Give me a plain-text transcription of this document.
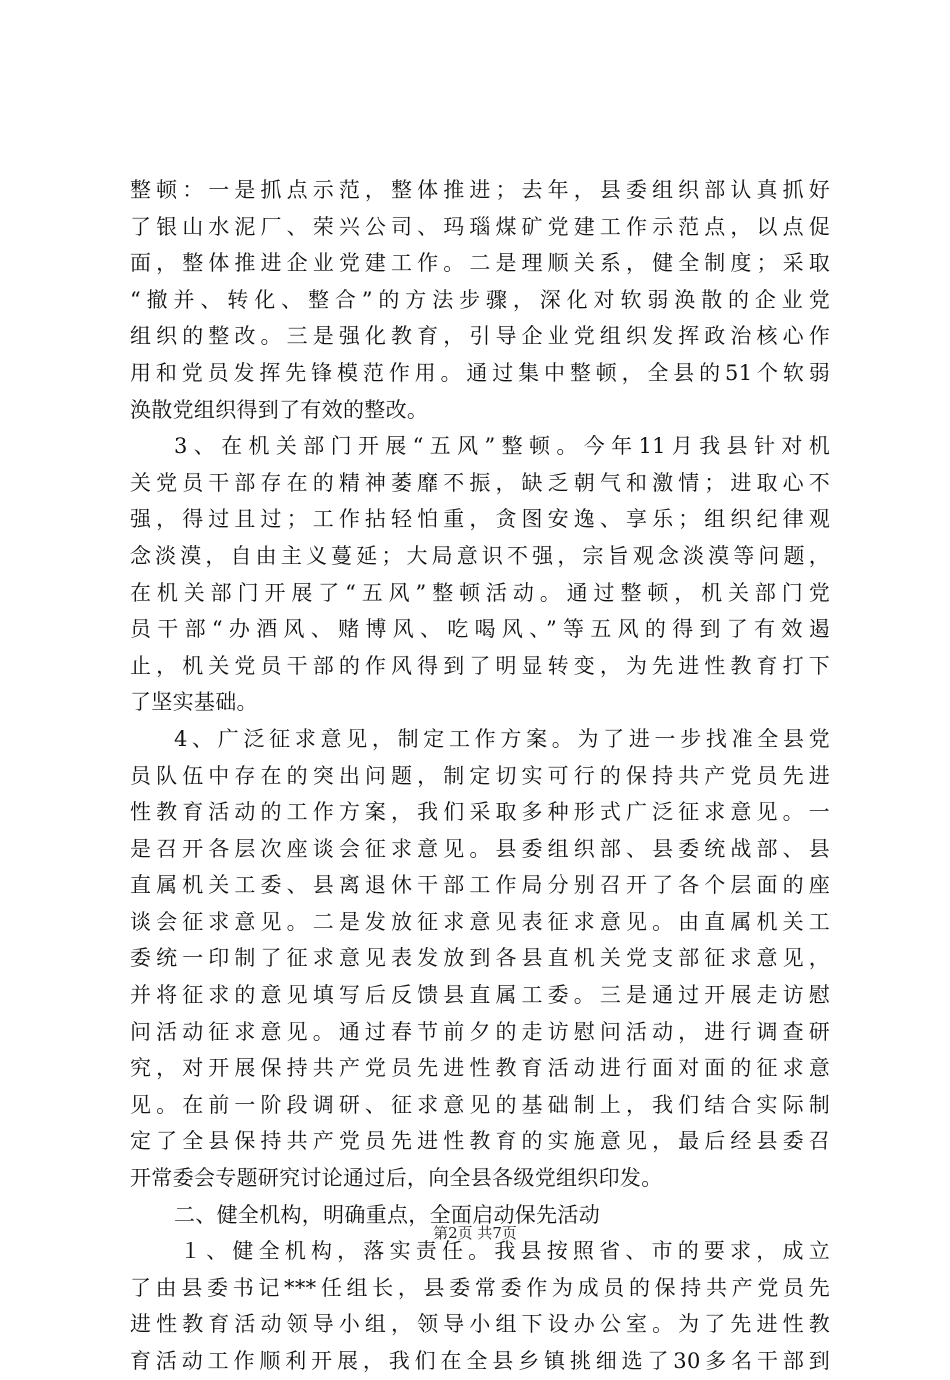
整顿：一是抓点示范，整体推进；去年，县委组织部认真抓好
了银山水泥厂、荣兴公司、玛瑙煤矿党建工作示范点，以点促
面，整体推进企业党建工作。二是理顺关系，健全制度；采取
“撤并、转化、整合”的方法步骤，深化对软弱涣散的企业党
组织的整改。三是强化教育，引导企业党组织发挥政治核心作
用和党员发挥先锋模范作用。通过集中整顿，全县的51个软弱
涣散党组织得到了有效的整改。
3、在机关部门开展“五风”整顿。今年11月我县针对机
关党员干部存在的精神萎靡不振，缺乏朝气和激情；进取心不
强，得过且过；工作拈轻怕重，贪图安逸、享乐；组织纪律观
念淡漠，自由主义蔓延；大局意识不强，宗旨观念淡漠等问题，
在机关部门开展了“五风”整顿活动。通过整顿，机关部门党
员干部“办酒风、赌博风、吃喝风、”等五风的得到了有效遏
止，机关党员干部的作风得到了明显转变，为先进性教育打下
了坚实基础。
4、广泛征求意见，制定工作方案。为了进一步找准全县党
员队伍中存在的突出问题，制定切实可行的保持共产党员先进
性教育活动的工作方案，我们采取多种形式广泛征求意见。一
是召开各层次座谈会征求意见。县委组织部、县委统战部、县
直属机关工委、县离退休干部工作局分别召开了各个层面的座
谈会征求意见。二是发放征求意见表征求意见。由直属机关工
委统一印制了征求意见表发放到各县直机关党支部征求意见，
并将征求的意见填写后反馈县直属工委。三是通过开展走访慰
问活动征求意见。通过春节前夕的走访慰问活动，进行调查研
究，对开展保持共产党员先进性教育活动进行面对面的征求意
见。在前一阶段调研、征求意见的基础制上，我们结合实际制
定了全县保持共产党员先进性教育的实施意见，最后经县委召
开常委会专题研究讨论通过后，向全县各级党组织印发。
二、健全机构，明确重点，全面启动保先活动
１、健全机构，落实责任。我县按照省、市的要求，成立
了由县委书记***任组长，县委常委作为成员的保持共产党员先
进性教育活动领导小组，领导小组下设办公室。为了先进性教
育活动工作顺利开展，我们在全县乡镇挑细选了30多名干部到
第2页 共7页
